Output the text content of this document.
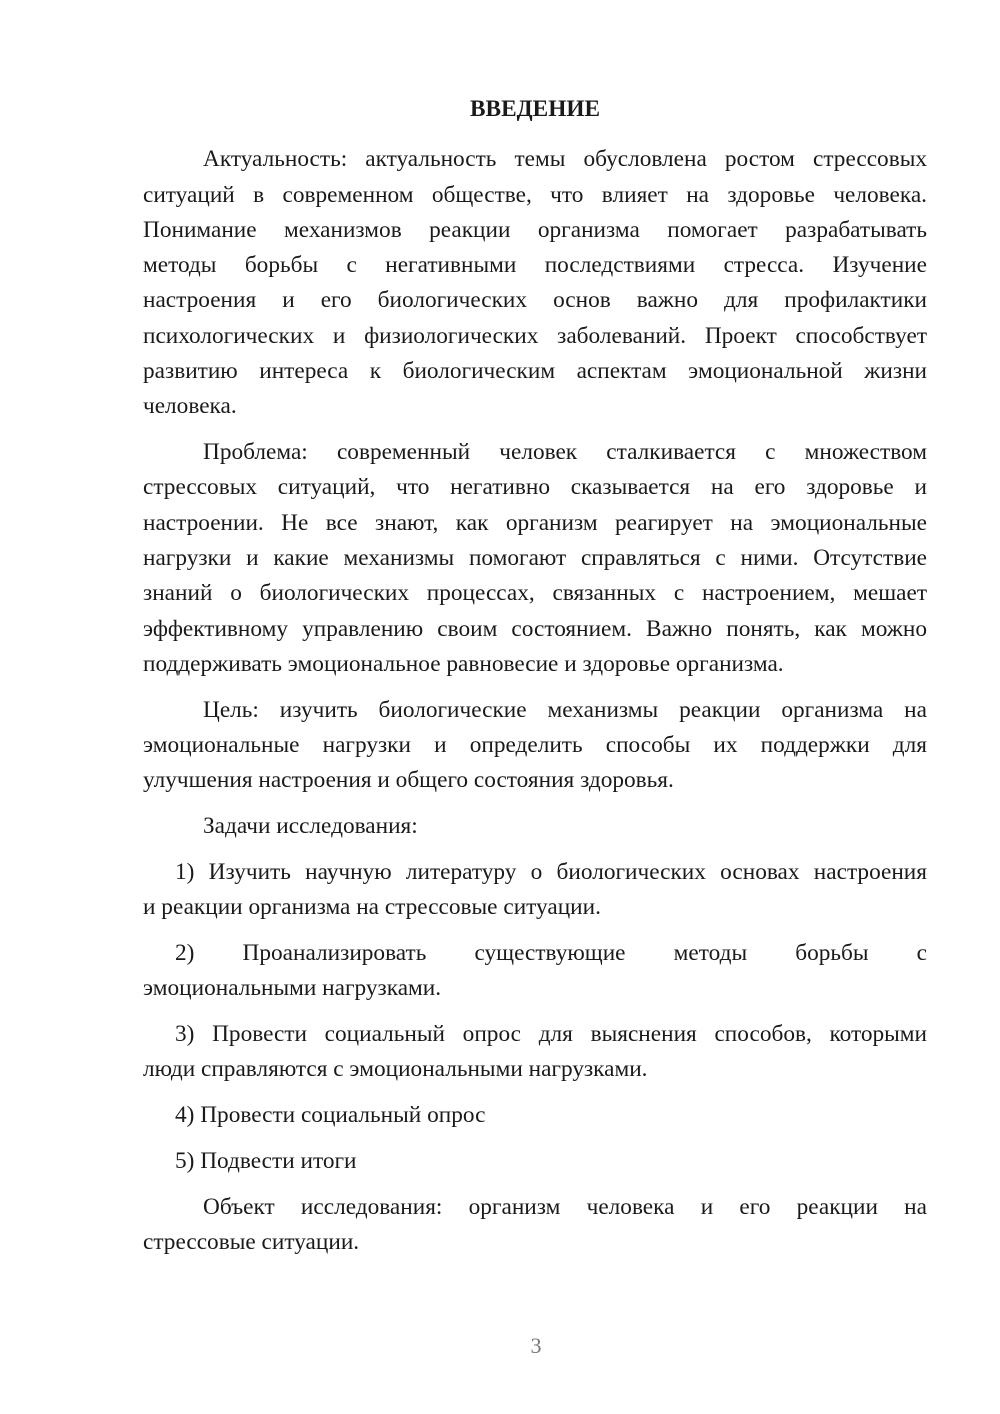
ВВЕДЕНИЕ
Актуальность: актуальность темы обусловлена ростом стрессовых
ситуаций в современном обществе, что влияет на здоровье человека.
Понимание механизмов реакции организма помогает разрабатывать
методы борьбы с негативными последствиями стресса. Изучение
настроения и его биологических основ важно для профилактики
психологических и физиологических заболеваний. Проект способствует
развитию интереса к биологическим аспектам эмоциональной жизни
человека.
Проблема: современный человек сталкивается с множеством
стрессовых ситуаций, что негативно сказывается на его здоровье и
настроении. Не все знают, как организм реагирует на эмоциональные
нагрузки и какие механизмы помогают справляться с ними. Отсутствие
знаний о биологических процессах, связанных с настроением, мешает
эффективному управлению своим состоянием. Важно понять, как можно
поддерживать эмоциональное равновесие и здоровье организма.
Цель: изучить биологические механизмы реакции организма на
эмоциональные нагрузки и определить способы их поддержки для
улучшения настроения и общего состояния здоровья.
Задачи исследования:
1) Изучить научную литературу о биологических основах настроения
и реакции организма на стрессовые ситуации.
2) Проанализировать существующие методы борьбы с
эмоциональными нагрузками.
3) Провести социальный опрос для выяснения способов, которыми
люди справляются с эмоциональными нагрузками.
4) Провести социальный опрос
5) Подвести итоги
Объект исследования: организм человека и его реакции на
стрессовые ситуации.
3
